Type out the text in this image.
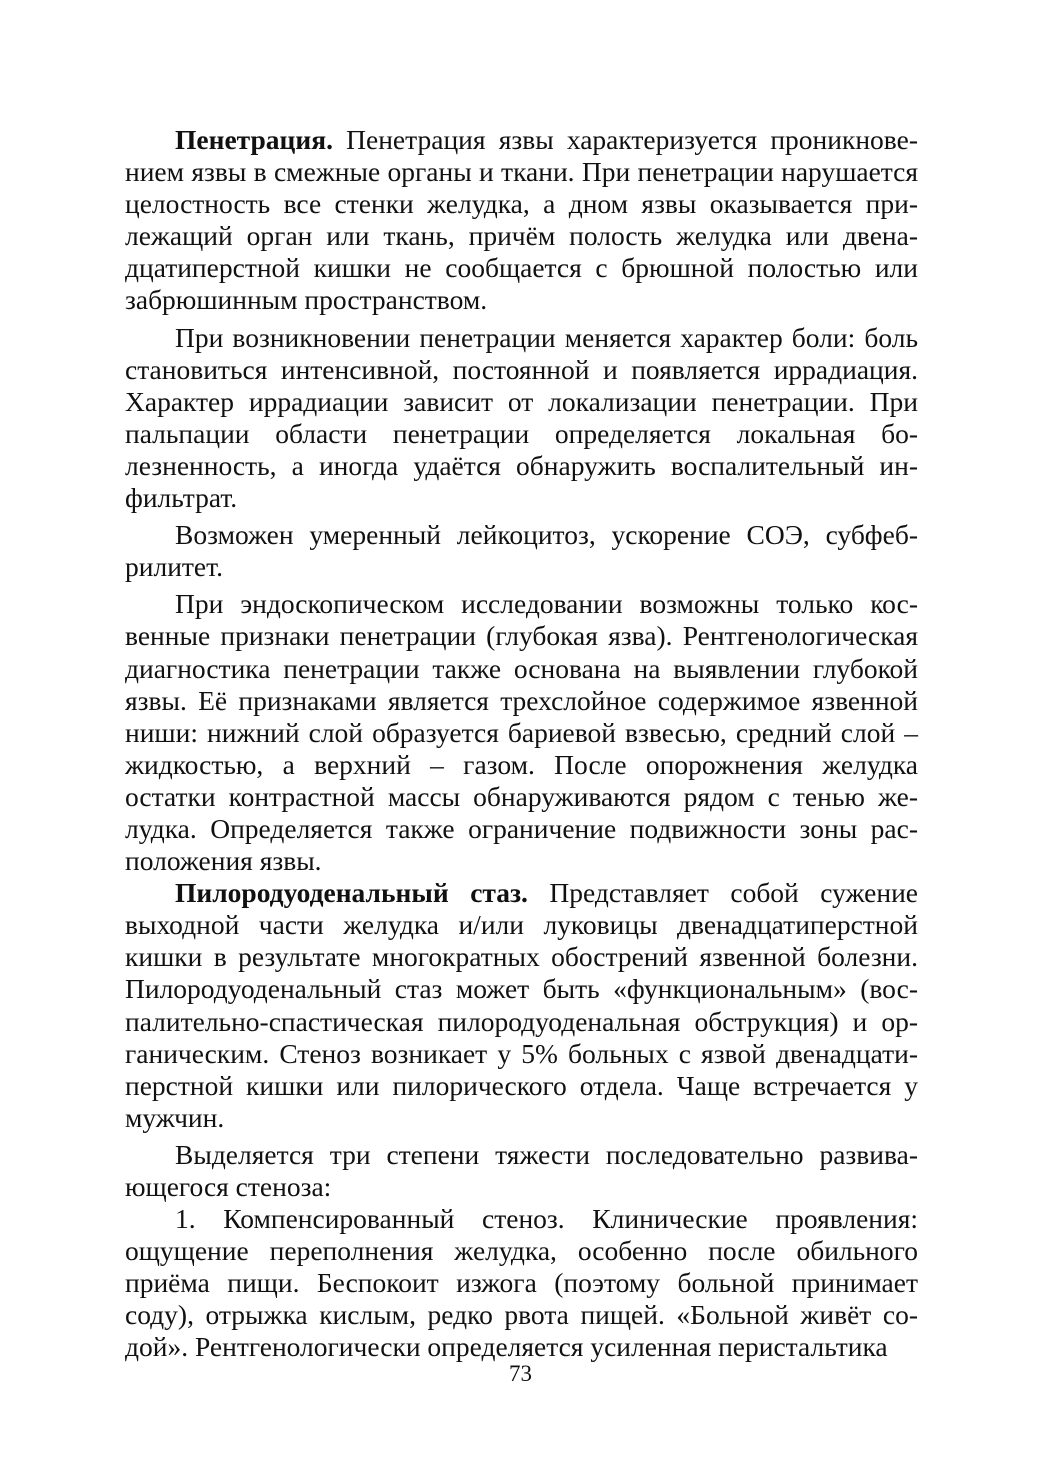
Пенетрация. Пенетрация язвы характеризуется проникновением язвы в смежные органы и ткани. При пенетрации нарушается целостность все стенки желудка, а дном язвы оказывается прилежащий орган или ткань, причём полость желудка или двенадцатиперстной кишки не сообщается с брюшной полостью или забрюшинным пространством.

При возникновении пенетрации меняется характер боли: боль становиться интенсивной, постоянной и появляется иррадиация. Характер иррадиации зависит от локализации пенетрации. При пальпации области пенетрации определяется локальная болезненность, а иногда удаётся обнаружить воспалительный инфильтрат.

Возможен умеренный лейкоцитоз, ускорение СОЭ, субфебрилитет.

При эндоскопическом исследовании возможны только косвенные признаки пенетрации (глубокая язва). Рентгенологическая диагностика пенетрации также основана на выявлении глубокой язвы. Её признаками является трехслойное содержимое язвенной ниши: нижний слой образуется бариевой взвесью, средний слой – жидкостью, а верхний – газом. После опорожнения желудка остатки контрастной массы обнаруживаются рядом с тенью желудка. Определяется также ограничение подвижности зоны расположения язвы.

Пилородуоденальный стаз. Представляет собой сужение выходной части желудка и/или луковицы двенадцатиперстной кишки в результате многократных обострений язвенной болезни. Пилородуоденальный стаз может быть «функциональным» (воспалительно-спастическая пилородуоденальная обструкция) и органическим. Стеноз возникает у 5% больных с язвой двенадцатиперстной кишки или пилорического отдела. Чаще встречается у мужчин.

Выделяется три степени тяжести последовательно развивающегося стеноза:

1. Компенсированный стеноз. Клинические проявления: ощущение переполнения желудка, особенно после обильного приёма пищи. Беспокоит изжога (поэтому больной принимает соду), отрыжка кислым, редко рвота пищей. «Больной живёт содой». Рентгенологически определяется усиленная перистальтика

73
